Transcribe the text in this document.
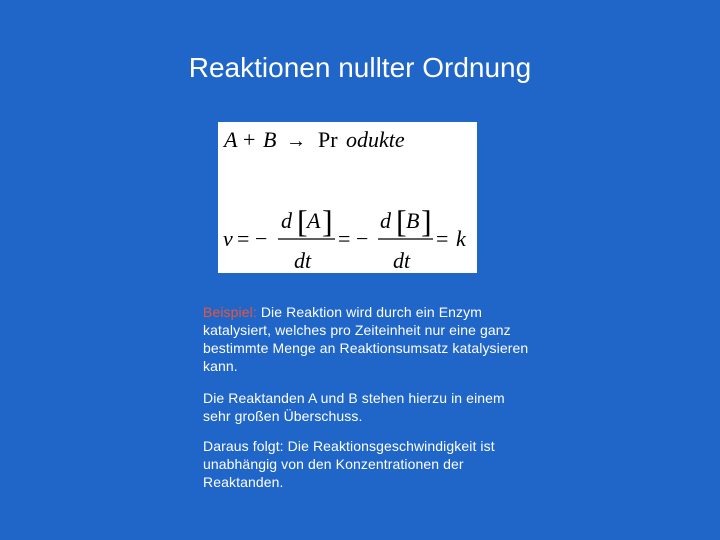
Reaktionen nullter Ordnung
A + B → Pr odukte
v = −
d [ A ]
dt
= −
d [ B ]
dt
= k
Beispiel: Die Reaktion wird durch ein Enzym katalysiert, welches pro Zeiteinheit nur eine ganz bestimmte Menge an Reaktionsumsatz katalysieren kann.
Die Reaktanden A und B stehen hierzu in einem sehr großen Überschuss.
Daraus folgt: Die Reaktionsgeschwindigkeit ist unabhängig von den Konzentrationen der Reaktanden.
